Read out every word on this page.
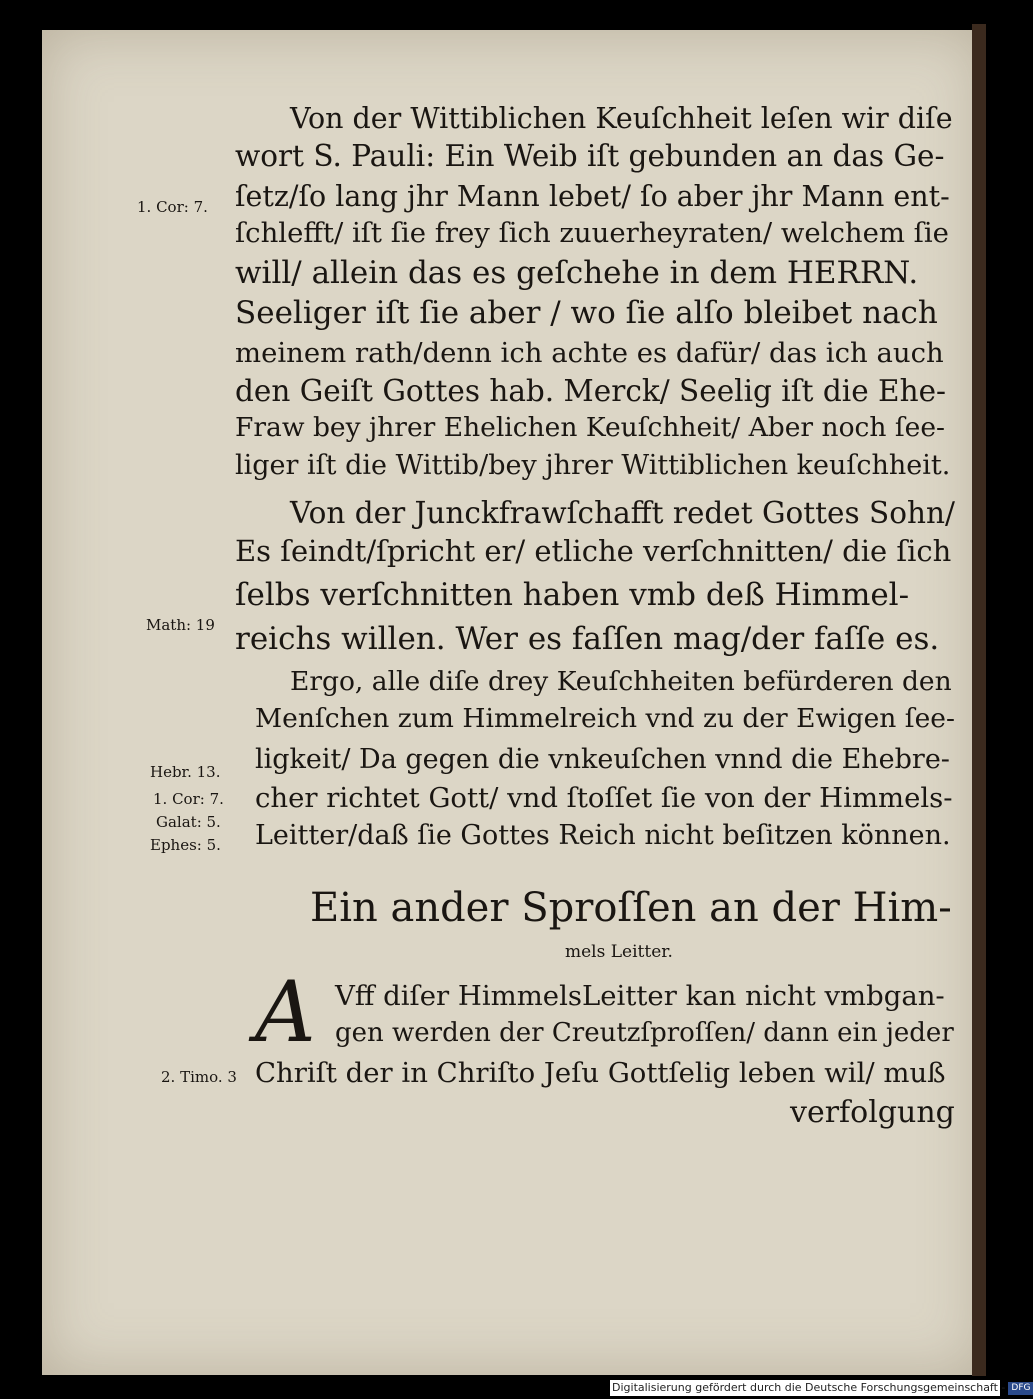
Von der Wittiblichen Keuſchheit leſen wir diſe
wort S. Pauli: Ein Weib iſt gebunden an das Ge-
ſetz/ſo lang jhr Mann lebet/ ſo aber jhr Mann ent-
ſchlefft/ iſt ſie frey ſich zuuerheyraten/ welchem ſie
will/ allein das es geſchehe in dem HERRN.
Seeliger iſt ſie aber / wo ſie alſo bleibet nach
meinem rath/denn ich achte es dafür/ das ich auch
den Geiſt Gottes hab. Merck/ Seelig iſt die Ehe-
Fraw bey jhrer Ehelichen Keuſchheit/ Aber noch ſee-
liger iſt die Wittib/bey jhrer Wittiblichen keuſchheit.
Von der Junckfrawſchafft redet Gottes Sohn/
Es ſeindt/ſpricht er/ etliche verſchnitten/ die ſich
ſelbs verſchnitten haben vmb deß Himmel-
reichs willen. Wer es faſſen mag/der faſſe es.
Ergo, alle diſe drey Keuſchheiten befürderen den
Menſchen zum Himmelreich vnd zu der Ewigen ſee-
ligkeit/ Da gegen die vnkeuſchen vnnd die Ehebre-
cher richtet Gott/ vnd ſtoſſet ſie von der Himmels-
Leitter/daß ſie Gottes Reich nicht beſitzen können.
1. Cor: 7.
Math: 19
Hebr. 13.
1. Cor: 7.
Galat: 5.
Ephes: 5.
2. Timo. 3
Ein ander Sproſſen an der Him-
mels Leitter.
A Vff diſer HimmelsLeitter kan nicht vmbgan-
gen werden der Creutzſproſſen/ dann ein jeder
Chriſt der in Chriſto Jeſu Gottſelig leben wil/ muß
verfolgung
Digitalisierung gefördert durch die Deutsche Forschungsgemeinschaft - DFG
